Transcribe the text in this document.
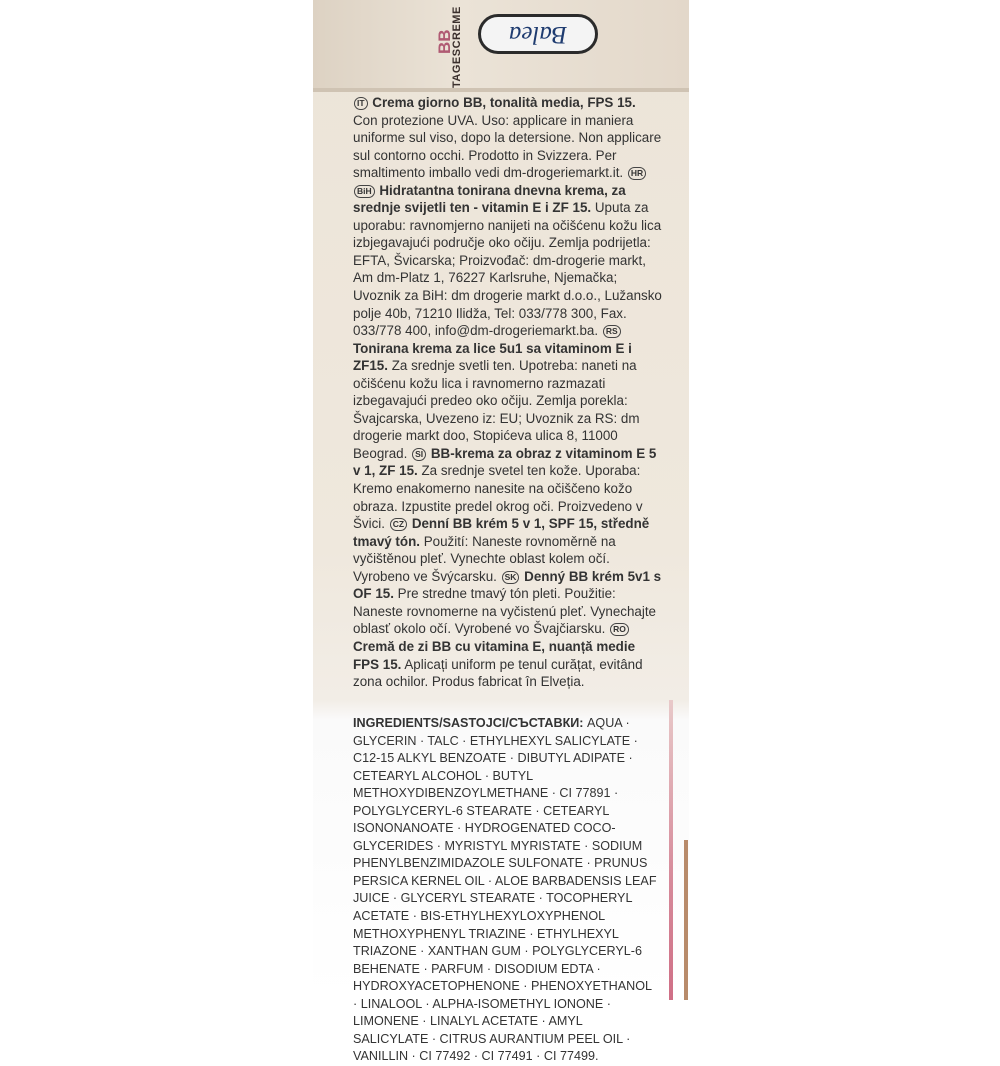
Balea
TAGESCREME
BB

IT Crema giorno BB, tonalità media, FPS 15. Con protezione UVA. Uso: applicare in maniera uniforme sul viso, dopo la detersione. Non applicare sul contorno occhi. Prodotto in Svizzera. Per smaltimento imballo vedi dm-drogeriemarkt.it. HRBiH Hidratantna tonirana dnevna krema, za srednje svijetli ten - vitamin E i ZF 15. Uputa za uporabu: ravnomjerno nanijeti na očišćenu kožu lica izbjegavajući područje oko očiju. Zemlja podrijetla: EFTA, Švicarska; Proizvođač: dm-drogerie markt, Am dm-Platz 1, 76227 Karlsruhe, Njemačka; Uvoznik za BiH: dm drogerie markt d.o.o., Lužansko polje 40b, 71210 Ilidža, Tel: 033/778 300, Fax. 033/778 400, info@dm-drogeriemarkt.ba. RS Tonirana krema za lice 5u1 sa vitaminom E i ZF15. Za srednje svetli ten. Upotreba: naneti na očišćenu kožu lica i ravnomerno razmazati izbegavajući predeo oko očiju. Zemlja porekla: Švajcarska, Uvezeno iz: EU; Uvoznik za RS: dm drogerie markt doo, Stopićeva ulica 8, 11000 Beograd. SI BB-krema za obraz z vitaminom E 5 v 1, ZF 15. Za srednje svetel ten kože. Uporaba: Kremo enakomerno nanesite na očiščeno kožo obraza. Izpustite predel okrog oči. Proizvedeno v Švici. CZ Denní BB krém 5 v 1, SPF 15, středně tmavý tón. Použití: Naneste rovnoměrně na vyčištěnou pleť. Vynechte oblast kolem očí. Vyrobeno ve Švýcarsku. SK Denný BB krém 5v1 s OF 15. Pre stredne tmavý tón pleti. Použitie: Naneste rovnomerne na vyčistenú pleť. Vynechajte oblasť okolo očí. Vyrobené vo Švajčiarsku. RO Cremă de zi BB cu vitamina E, nuanță medie FPS 15. Aplicați uniform pe tenul curățat, evitând zona ochilor. Produs fabricat în Elveția.

INGREDIENTS/SASTOJCI/СЪСТАВКИ: AQUA · GLYCERIN · TALC · ETHYLHEXYL SALICYLATE · C12-15 ALKYL BENZOATE · DIBUTYL ADIPATE · CETEARYL ALCOHOL · BUTYL METHOXYDIBENZOYLMETHANE · CI 77891 · POLYGLYCERYL-6 STEARATE · CETEARYL ISONONANOATE · HYDROGENATED COCO-GLYCERIDES · MYRISTYL MYRISTATE · SODIUM PHENYLBENZIMIDAZOLE SULFONATE · PRUNUS PERSICA KERNEL OIL · ALOE BARBADENSIS LEAF JUICE · GLYCERYL STEARATE · TOCOPHERYL ACETATE · BIS-ETHYLHEXYLOXYPHENOL METHOXYPHENYL TRIAZINE · ETHYLHEXYL TRIAZONE · XANTHAN GUM · POLYGLYCERYL-6 BEHENATE · PARFUM · DISODIUM EDTA · HYDROXYACETOPHENONE · PHENOXYETHANOL · LINALOOL · ALPHA-ISOMETHYL IONONE · LIMONENE · LINALYL ACETATE · AMYL SALICYLATE · CITRUS AURANTIUM PEEL OIL · VANILLIN · CI 77492 · CI 77491 · CI 77499.
